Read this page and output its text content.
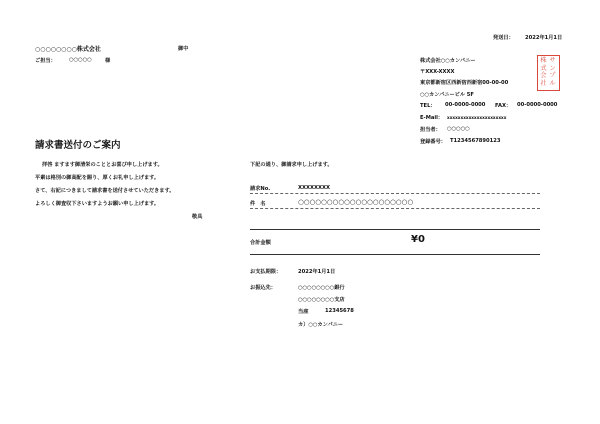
発送日： 2022年1月1日
○○○○○○○○株式会社	御中
ご担当：	○○○○○	様	株式会社○○カンパニー
〒XXX-XXXX
東京都新宿区西新宿西新宿00-00-00
○○カンパニービル 5F
TEL： 00-0000-0000 FAX： 00-0000-0000
E-Mail： xxxxxxxxxxxxxxxxxxxxxx
担当者： ○○○○○
登録番号： T1234567890123
サンプル
株式会社
請求書送付のご案内
拝啓 ますます御清栄のこととお喜び申し上げます。
平素は格別の御高配を賜り、厚くお礼申し上げます。
さて、右記につきまして請求書を送付させていただきます。
よろしく御査収下さいますようお願い申し上げます。
敬具
下記の通り、御請求申し上げます。
請求No.	XXXXXXXX
件　名	○○○○○○○○○○○○○○○○○○○○
合計金額	¥0
お支払期限：	2022年1月1日
お振込先：	○○○○○○○○銀行
○○○○○○○○支店
当座	12345678
カ）○○カンパニー
